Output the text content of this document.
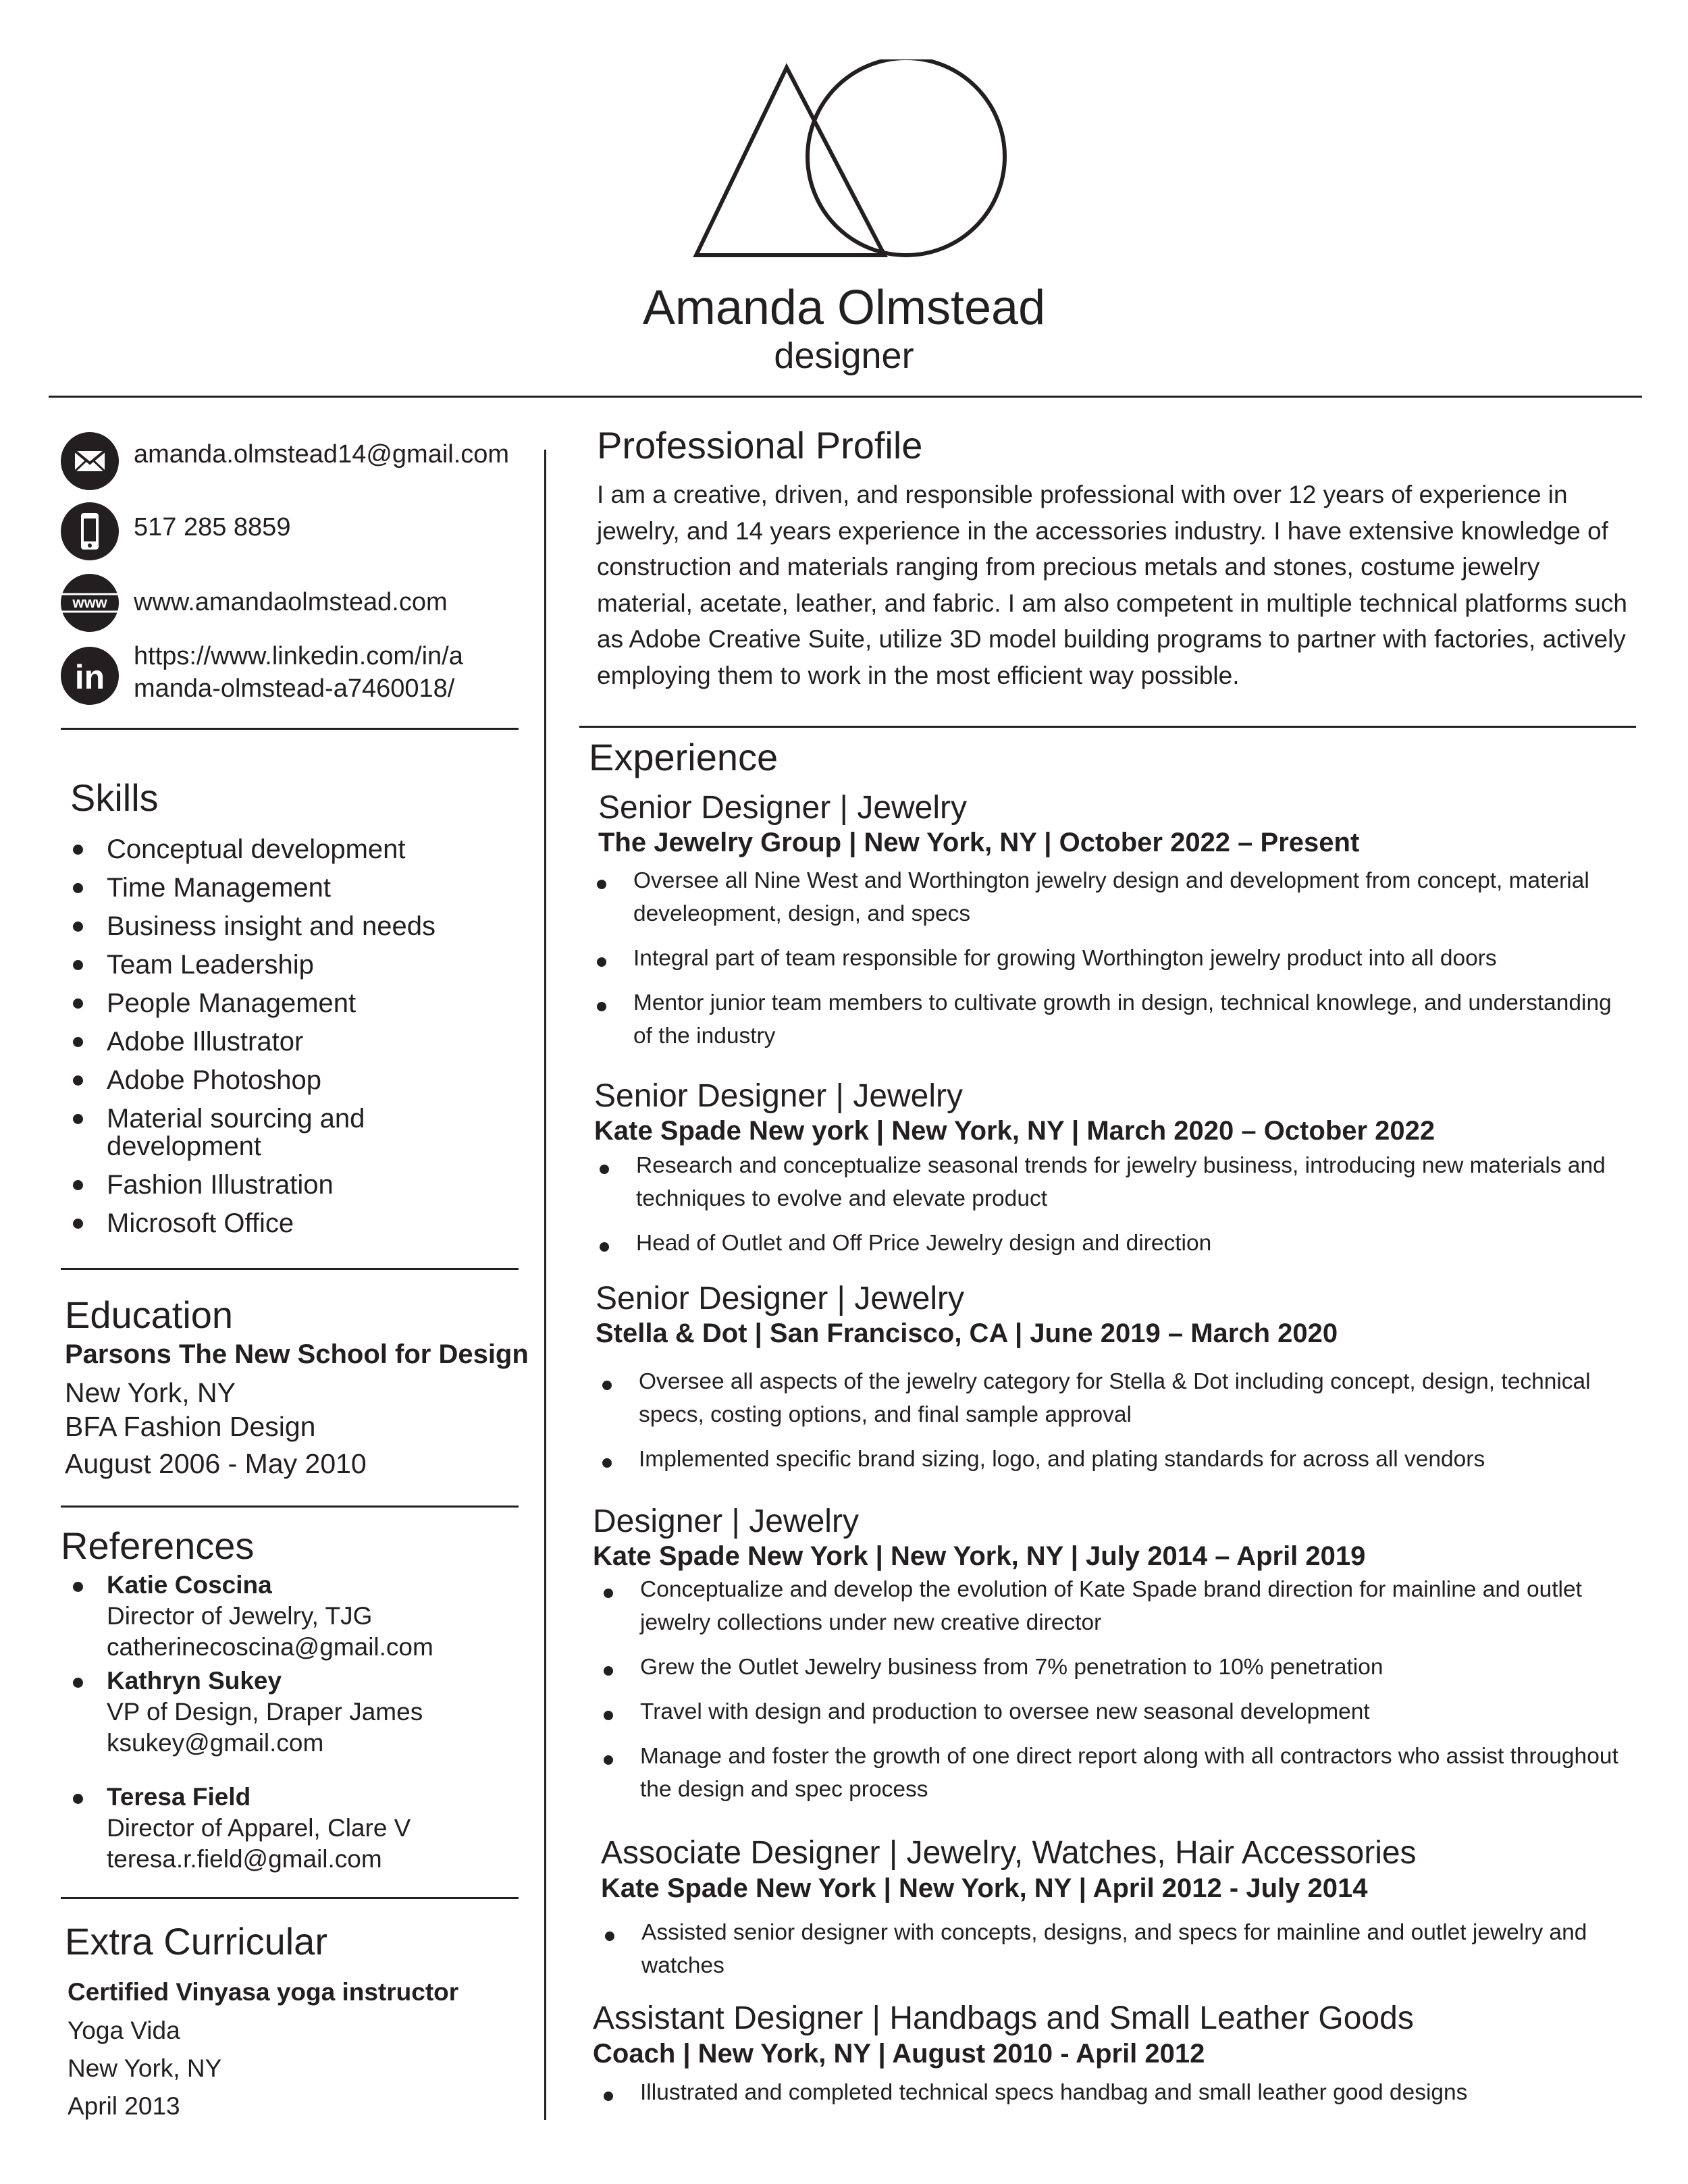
Amanda Olmstead
designer
amanda.olmstead14@gmail.com
517 285 8859
www www.amandaolmstead.com
in
https://www.linkedin.com/in/a
manda-olmstead-a7460018/
Skills
Conceptual development
Time Management
Business insight and needs
Team Leadership
People Management
Adobe Illustrator
Adobe Photoshop
Material sourcing and development
Fashion Illustration
Microsoft Office
Education
Parsons The New School for Design
New York, NY
BFA Fashion Design
August 2006 - May 2010
References
Katie Coscina
Director of Jewelry, TJG
catherinecoscina@gmail.com
Kathryn Sukey
VP of Design, Draper James
ksukey@gmail.com
Teresa Field
Director of Apparel, Clare V
teresa.r.field@gmail.com
Extra Curricular
Certified Vinyasa yoga instructor
Yoga Vida
New York, NY
April 2013
Professional Profile
I am a creative, driven, and responsible professional with over 12 years of experience in jewelry, and 14 years experience in the accessories industry. I have extensive knowledge of construction and materials ranging from precious metals and stones, costume jewelry material, acetate, leather, and fabric. I am also competent in multiple technical platforms such as Adobe Creative Suite, utilize 3D model building programs to partner with factories, actively employing them to work in the most efficient way possible.
Experience
Senior Designer | Jewelry
The Jewelry Group | New York, NY | October 2022 – Present
Oversee all Nine West and Worthington jewelry design and development from concept, material develeopment, design, and specs
Integral part of team responsible for growing Worthington jewelry product into all doors
Mentor junior team members to cultivate growth in design, technical knowlege, and understanding of the industry
Senior Designer | Jewelry
Kate Spade New york | New York, NY | March 2020 – October 2022
Research and conceptualize seasonal trends for jewelry business, introducing new materials and techniques to evolve and elevate product
Head of Outlet and Off Price Jewelry design and direction
Senior Designer | Jewelry
Stella & Dot | San Francisco, CA | June 2019 – March 2020
Oversee all aspects of the jewelry category for Stella & Dot including concept, design, technical specs, costing options, and final sample approval
Implemented specific brand sizing, logo, and plating standards for across all vendors
Designer | Jewelry
Kate Spade New York | New York, NY | July 2014 – April 2019
Conceptualize and develop the evolution of Kate Spade brand direction for mainline and outlet jewelry collections under new creative director
Grew the Outlet Jewelry business from 7% penetration to 10% penetration
Travel with design and production to oversee new seasonal development
Manage and foster the growth of one direct report along with all contractors who assist throughout the design and spec process
Associate Designer | Jewelry, Watches, Hair Accessories
Kate Spade New York | New York, NY | April 2012 - July 2014
Assisted senior designer with concepts, designs, and specs for mainline and outlet jewelry and watches
Assistant Designer | Handbags and Small Leather Goods
Coach | New York, NY | August 2010 - April 2012
Illustrated and completed technical specs handbag and small leather good designs
